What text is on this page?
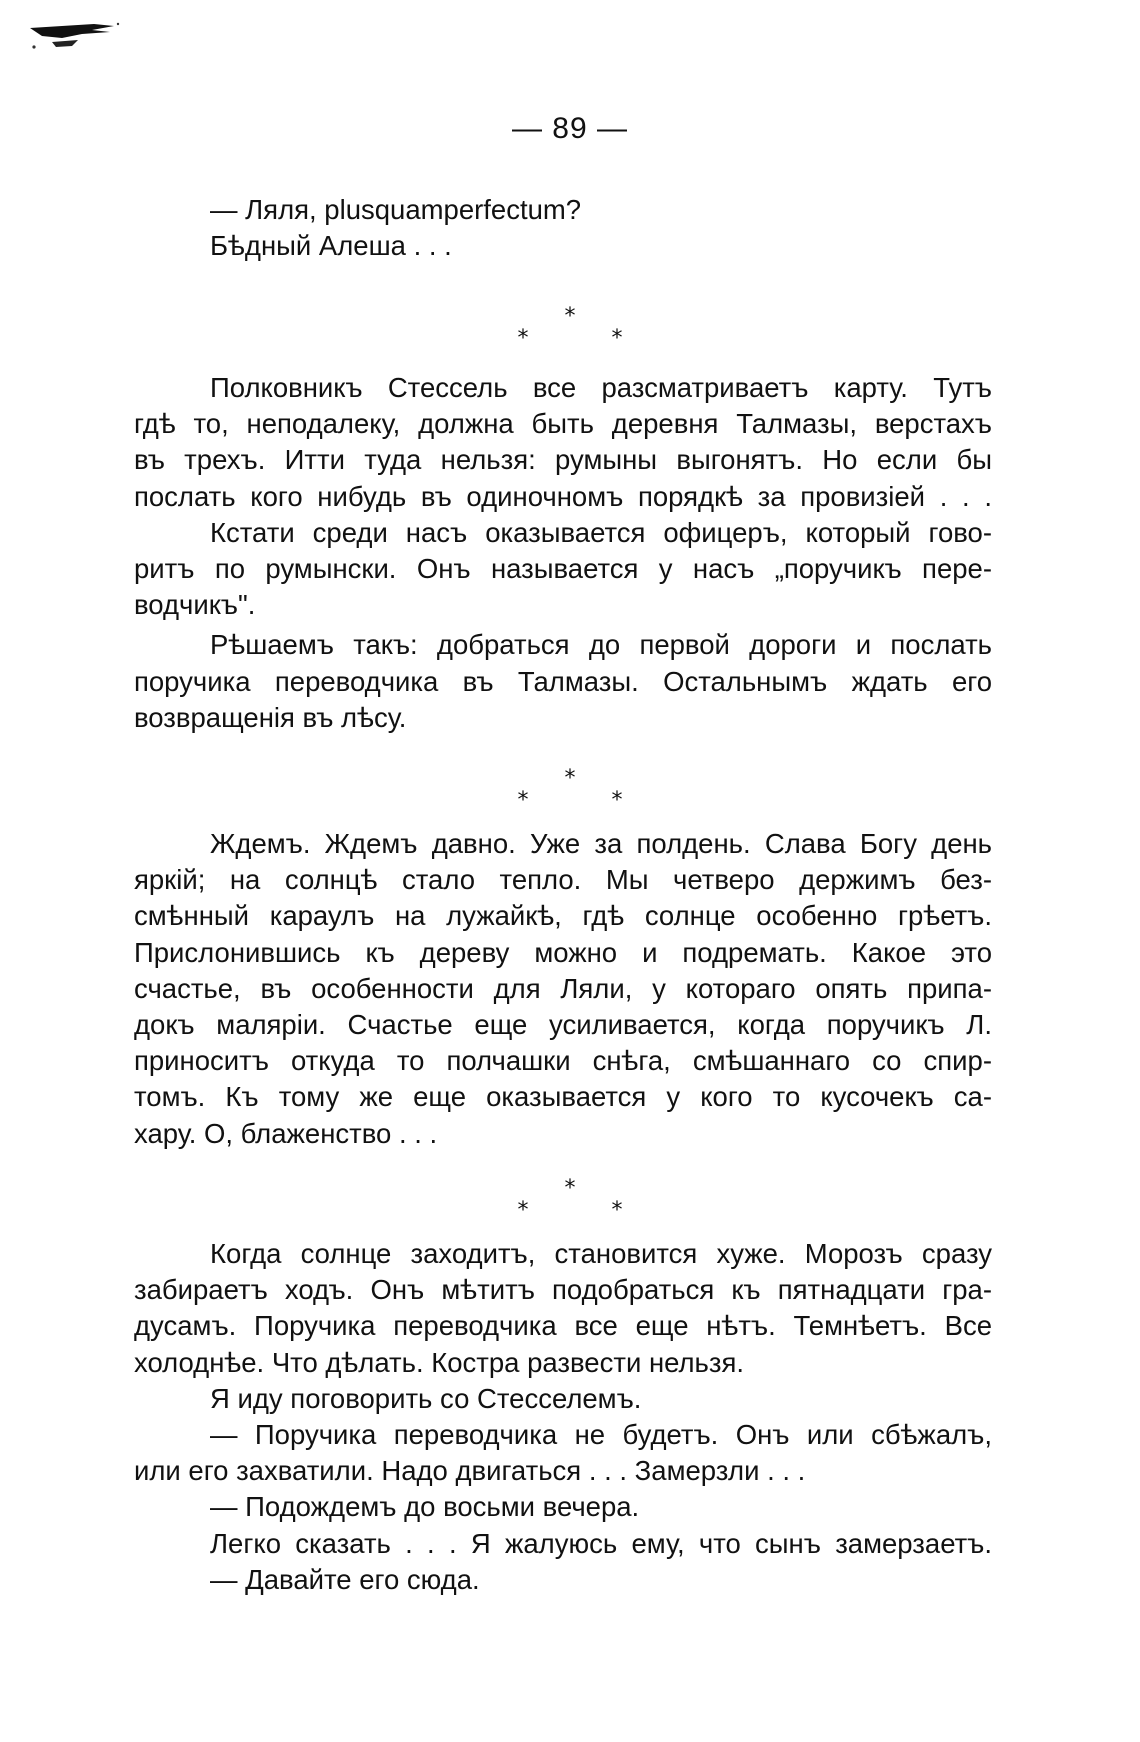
— 89 —
— Ляля, plusquamperfectum?
Бѣдный Алеша . . .
*
* *
Полковникъ Стессель все разсматриваетъ карту. Тутъ
гдѣ то, неподалеку, должна быть деревня Талмазы, верстахъ
въ трехъ. Итти туда нельзя: румыны выгонятъ. Но если бы
послать кого нибудь въ одиночномъ порядкѣ за провизiей . . .
Кстати среди насъ оказывается офицеръ, который гово-
ритъ по румынски. Онъ называется у насъ „поручикъ пере-
водчикъ".
Рѣшаемъ такъ: добраться до первой дороги и послать
поручика переводчика въ Талмазы. Остальнымъ ждать его
возвращенiя въ лѣсу.
*
* *
Ждемъ. Ждемъ давно. Уже за полдень. Слава Богу день
яркiй; на солнцѣ стало тепло. Мы четверо держимъ без-
смѣнный караулъ на лужайкѣ, гдѣ солнце особенно грѣетъ.
Прислонившись къ дереву можно и подремать. Какое это
счастье, въ особенности для Ляли, у котораго опять припа-
докъ малярiи. Счастье еще усиливается, когда поручикъ Л.
приноситъ откуда то полчашки снѣга, смѣшаннаго со спир-
томъ. Къ тому же еще оказывается у кого то кусочекъ са-
хару. О, блаженство . . .
*
* *
Когда солнце заходитъ, становится хуже. Морозъ сразу
забираетъ ходъ. Онъ мѣтитъ подобраться къ пятнадцати гра-
дусамъ. Поручика переводчика все еще нѣтъ. Темнѣетъ. Все
холоднѣе. Что дѣлать. Костра развести нельзя.
Я иду поговорить со Стесселемъ.
— Поручика переводчика не будетъ. Онъ или сбѣжалъ,
или его захватили. Надо двигаться . . . Замерзли . . .
— Подождемъ до восьми вечера.
Легко сказать . . . Я жалуюсь ему, что сынъ замерзаетъ.
— Давайте его сюда.
